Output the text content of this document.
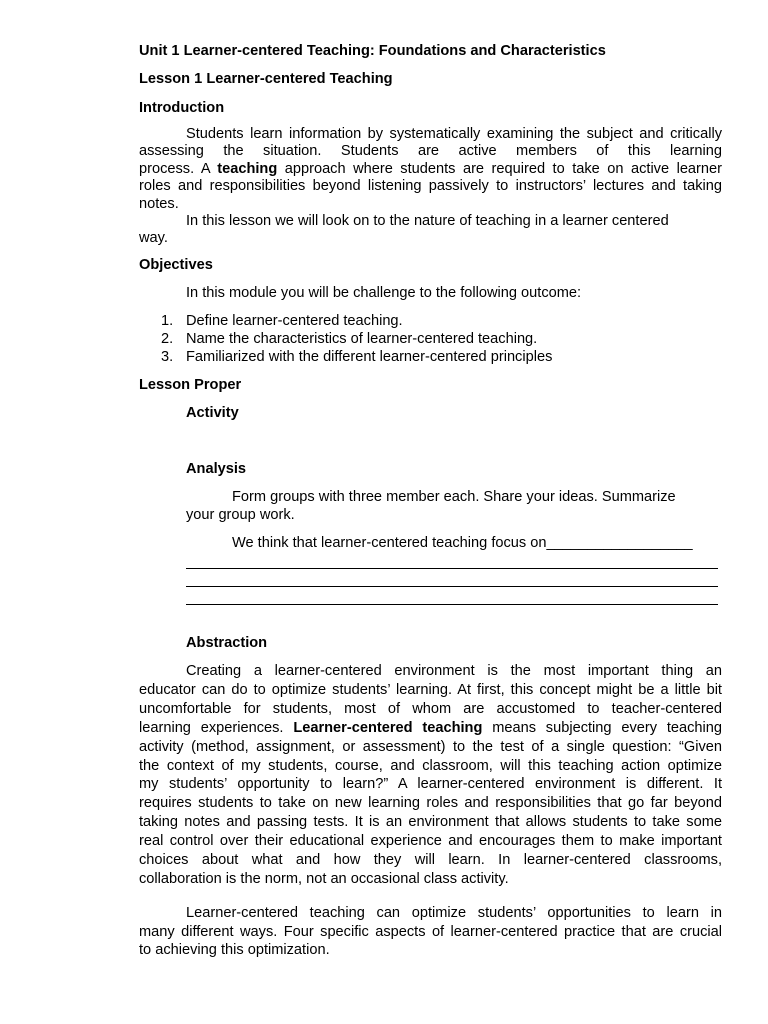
Unit 1 Learner-centered Teaching: Foundations and Characteristics
Lesson 1 Learner-centered Teaching
Introduction
Students learn information by systematically examining the subject and critically
assessing the situation. Students are active members of this learning
process. A teaching approach where students are required to take on active learner
roles and responsibilities beyond listening passively to instructors’ lectures and taking
notes.
In this lesson we will look on to the nature of teaching in a learner centered
way.
Objectives
In this module you will be challenge to the following outcome:
1. Define learner-centered teaching.
2. Name the characteristics of learner-centered teaching.
3. Familiarized with the different learner-centered principles
Lesson Proper
Activity
Analysis
Form groups with three member each. Share your ideas. Summarize
your group work.
We think that learner-centered teaching focus on__________________
Abstraction
Creating a learner-centered environment is the most important thing an
educator can do to optimize students’ learning. At first, this concept might be a little bit
uncomfortable for students, most of whom are accustomed to teacher-centered
learning experiences. Learner-centered teaching means subjecting every teaching
activity (method, assignment, or assessment) to the test of a single question: “Given
the context of my students, course, and classroom, will this teaching action optimize
my students’ opportunity to learn?” A learner-centered environment is different. It
requires students to take on new learning roles and responsibilities that go far beyond
taking notes and passing tests. It is an environment that allows students to take some
real control over their educational experience and encourages them to make important
choices about what and how they will learn. In learner-centered classrooms,
collaboration is the norm, not an occasional class activity.
Learner-centered teaching can optimize students’ opportunities to learn in
many different ways. Four specific aspects of learner-centered practice that are crucial
to achieving this optimization.
